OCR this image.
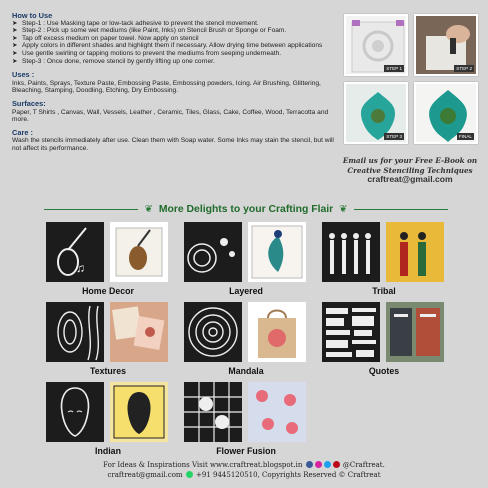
How to Use
➤ Step-1 : Use Masking tape or low-tack adhesive to prevent the stencil movement.
➤ Step-2 : Pick up some wet mediums (like Paint, Inks) on Stencil Brush or Sponge or Foam.
➤ Tap off excess medium on paper towel. Now apply on stencil
➤ Apply colors in different shades and highlight them if necessary. Allow drying time between applications
➤ Use gentle swirling or tapping motions to prevent the mediums from seeping underneath.
➤ Step-3 : Once done, remove stencil by gently lifting up one corner.
Uses :
Inks, Paints, Sprays, Texture Paste, Embossing Paste, Embossing powders, Icing. Air Brushing, Glittering, Bleaching, Stamping, Doodling, Etching, Dry Embossing.
Surfaces:
Paper, T Shirts , Canvas, Wall, Vessels, Leather , Ceramic, Tiles, Glass, Cake, Coffee, Wood, Terracotta and more.
Care :
Wash the stencils immediately after use. Clean them with Soap water. Some Inks may stain the stencil, but will not affect its performance.
STEP 1	STEP 2
STEP 3	FINAL
Email us for your Free E-Book on
Creative Stenciling Techniques
craftreat@gmail.com
❦ More Delights to your Crafting Flair ❦
♫
Home Decor	Layered	Tribal
Textures	Mandala	Quotes
Indian	Flower Fusion
For Ideas & Inspirations Visit www.craftreat.blogspot.in	@Craftreat.
craftreat@gmail.com +91 9445120510, Copyrights Reserved © Craftreat
